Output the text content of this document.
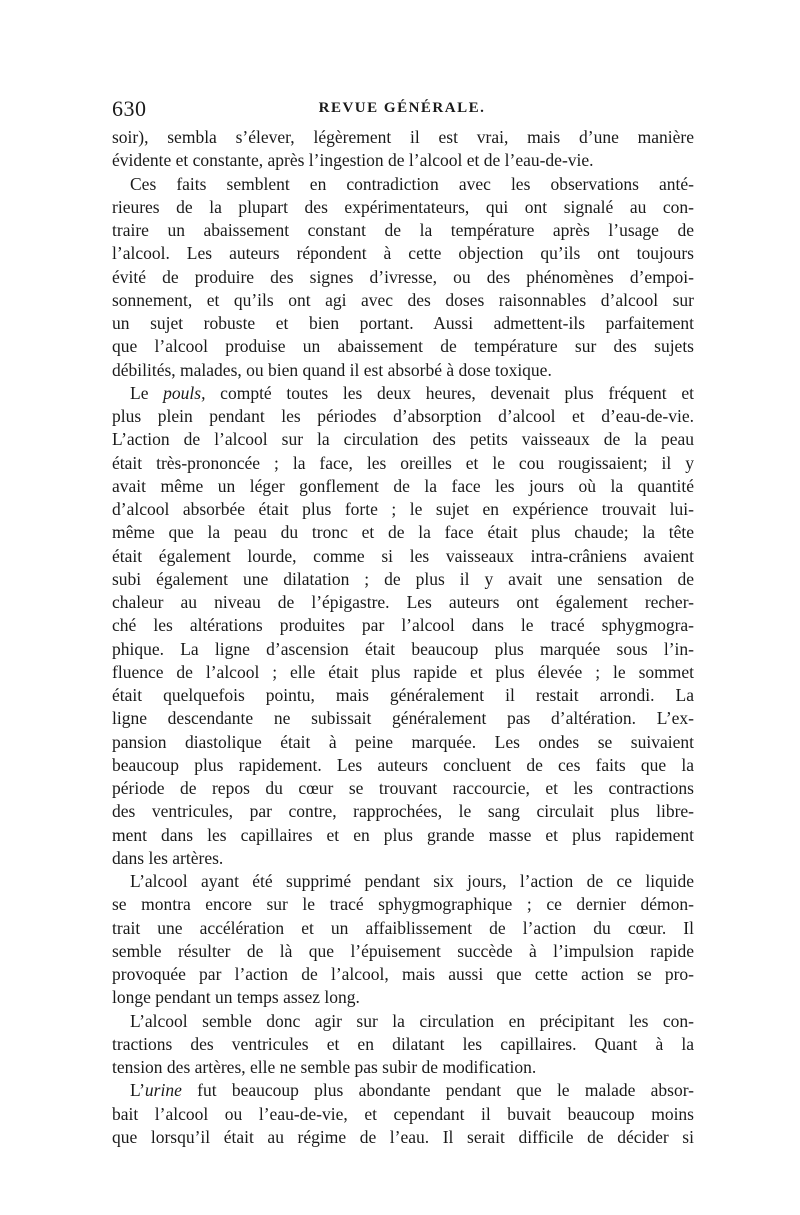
630	REVUE GÉNÉRALE.
soir), sembla s’élever, légèrement il est vrai, mais d’une manière
évidente et constante, après l’ingestion de l’alcool et de l’eau-de-vie.
Ces faits semblent en contradiction avec les observations anté-
rieures de la plupart des expérimentateurs, qui ont signalé au con-
traire un abaissement constant de la température après l’usage de
l’alcool. Les auteurs répondent à cette objection qu’ils ont toujours
évité de produire des signes d’ivresse, ou des phénomènes d’empoi-
sonnement, et qu’ils ont agi avec des doses raisonnables d’alcool sur
un sujet robuste et bien portant. Aussi admettent-ils parfaitement
que l’alcool produise un abaissement de température sur des sujets
débilités, malades, ou bien quand il est absorbé à dose toxique.
Le pouls, compté toutes les deux heures, devenait plus fréquent et
plus plein pendant les périodes d’absorption d’alcool et d’eau-de-vie.
L’action de l’alcool sur la circulation des petits vaisseaux de la peau
était très-prononcée ; la face, les oreilles et le cou rougissaient; il y
avait même un léger gonflement de la face les jours où la quantité
d’alcool absorbée était plus forte ; le sujet en expérience trouvait lui-
même que la peau du tronc et de la face était plus chaude; la tête
était également lourde, comme si les vaisseaux intra-crâniens avaient
subi également une dilatation ; de plus il y avait une sensation de
chaleur au niveau de l’épigastre. Les auteurs ont également recher-
ché les altérations produites par l’alcool dans le tracé sphygmogra-
phique. La ligne d’ascension était beaucoup plus marquée sous l’in-
fluence de l’alcool ; elle était plus rapide et plus élevée ; le sommet
était quelquefois pointu, mais généralement il restait arrondi. La
ligne descendante ne subissait généralement pas d’altération. L’ex-
pansion diastolique était à peine marquée. Les ondes se suivaient
beaucoup plus rapidement. Les auteurs concluent de ces faits que la
période de repos du cœur se trouvant raccourcie, et les contractions
des ventricules, par contre, rapprochées, le sang circulait plus libre-
ment dans les capillaires et en plus grande masse et plus rapidement
dans les artères.
L’alcool ayant été supprimé pendant six jours, l’action de ce liquide
se montra encore sur le tracé sphygmographique ; ce dernier démon-
trait une accélération et un affaiblissement de l’action du cœur. Il
semble résulter de là que l’épuisement succède à l’impulsion rapide
provoquée par l’action de l’alcool, mais aussi que cette action se pro-
longe pendant un temps assez long.
L’alcool semble donc agir sur la circulation en précipitant les con-
tractions des ventricules et en dilatant les capillaires. Quant à la
tension des artères, elle ne semble pas subir de modification.
L’urine fut beaucoup plus abondante pendant que le malade absor-
bait l’alcool ou l’eau-de-vie, et cependant il buvait beaucoup moins
que lorsqu’il était au régime de l’eau. Il serait difficile de décider si
